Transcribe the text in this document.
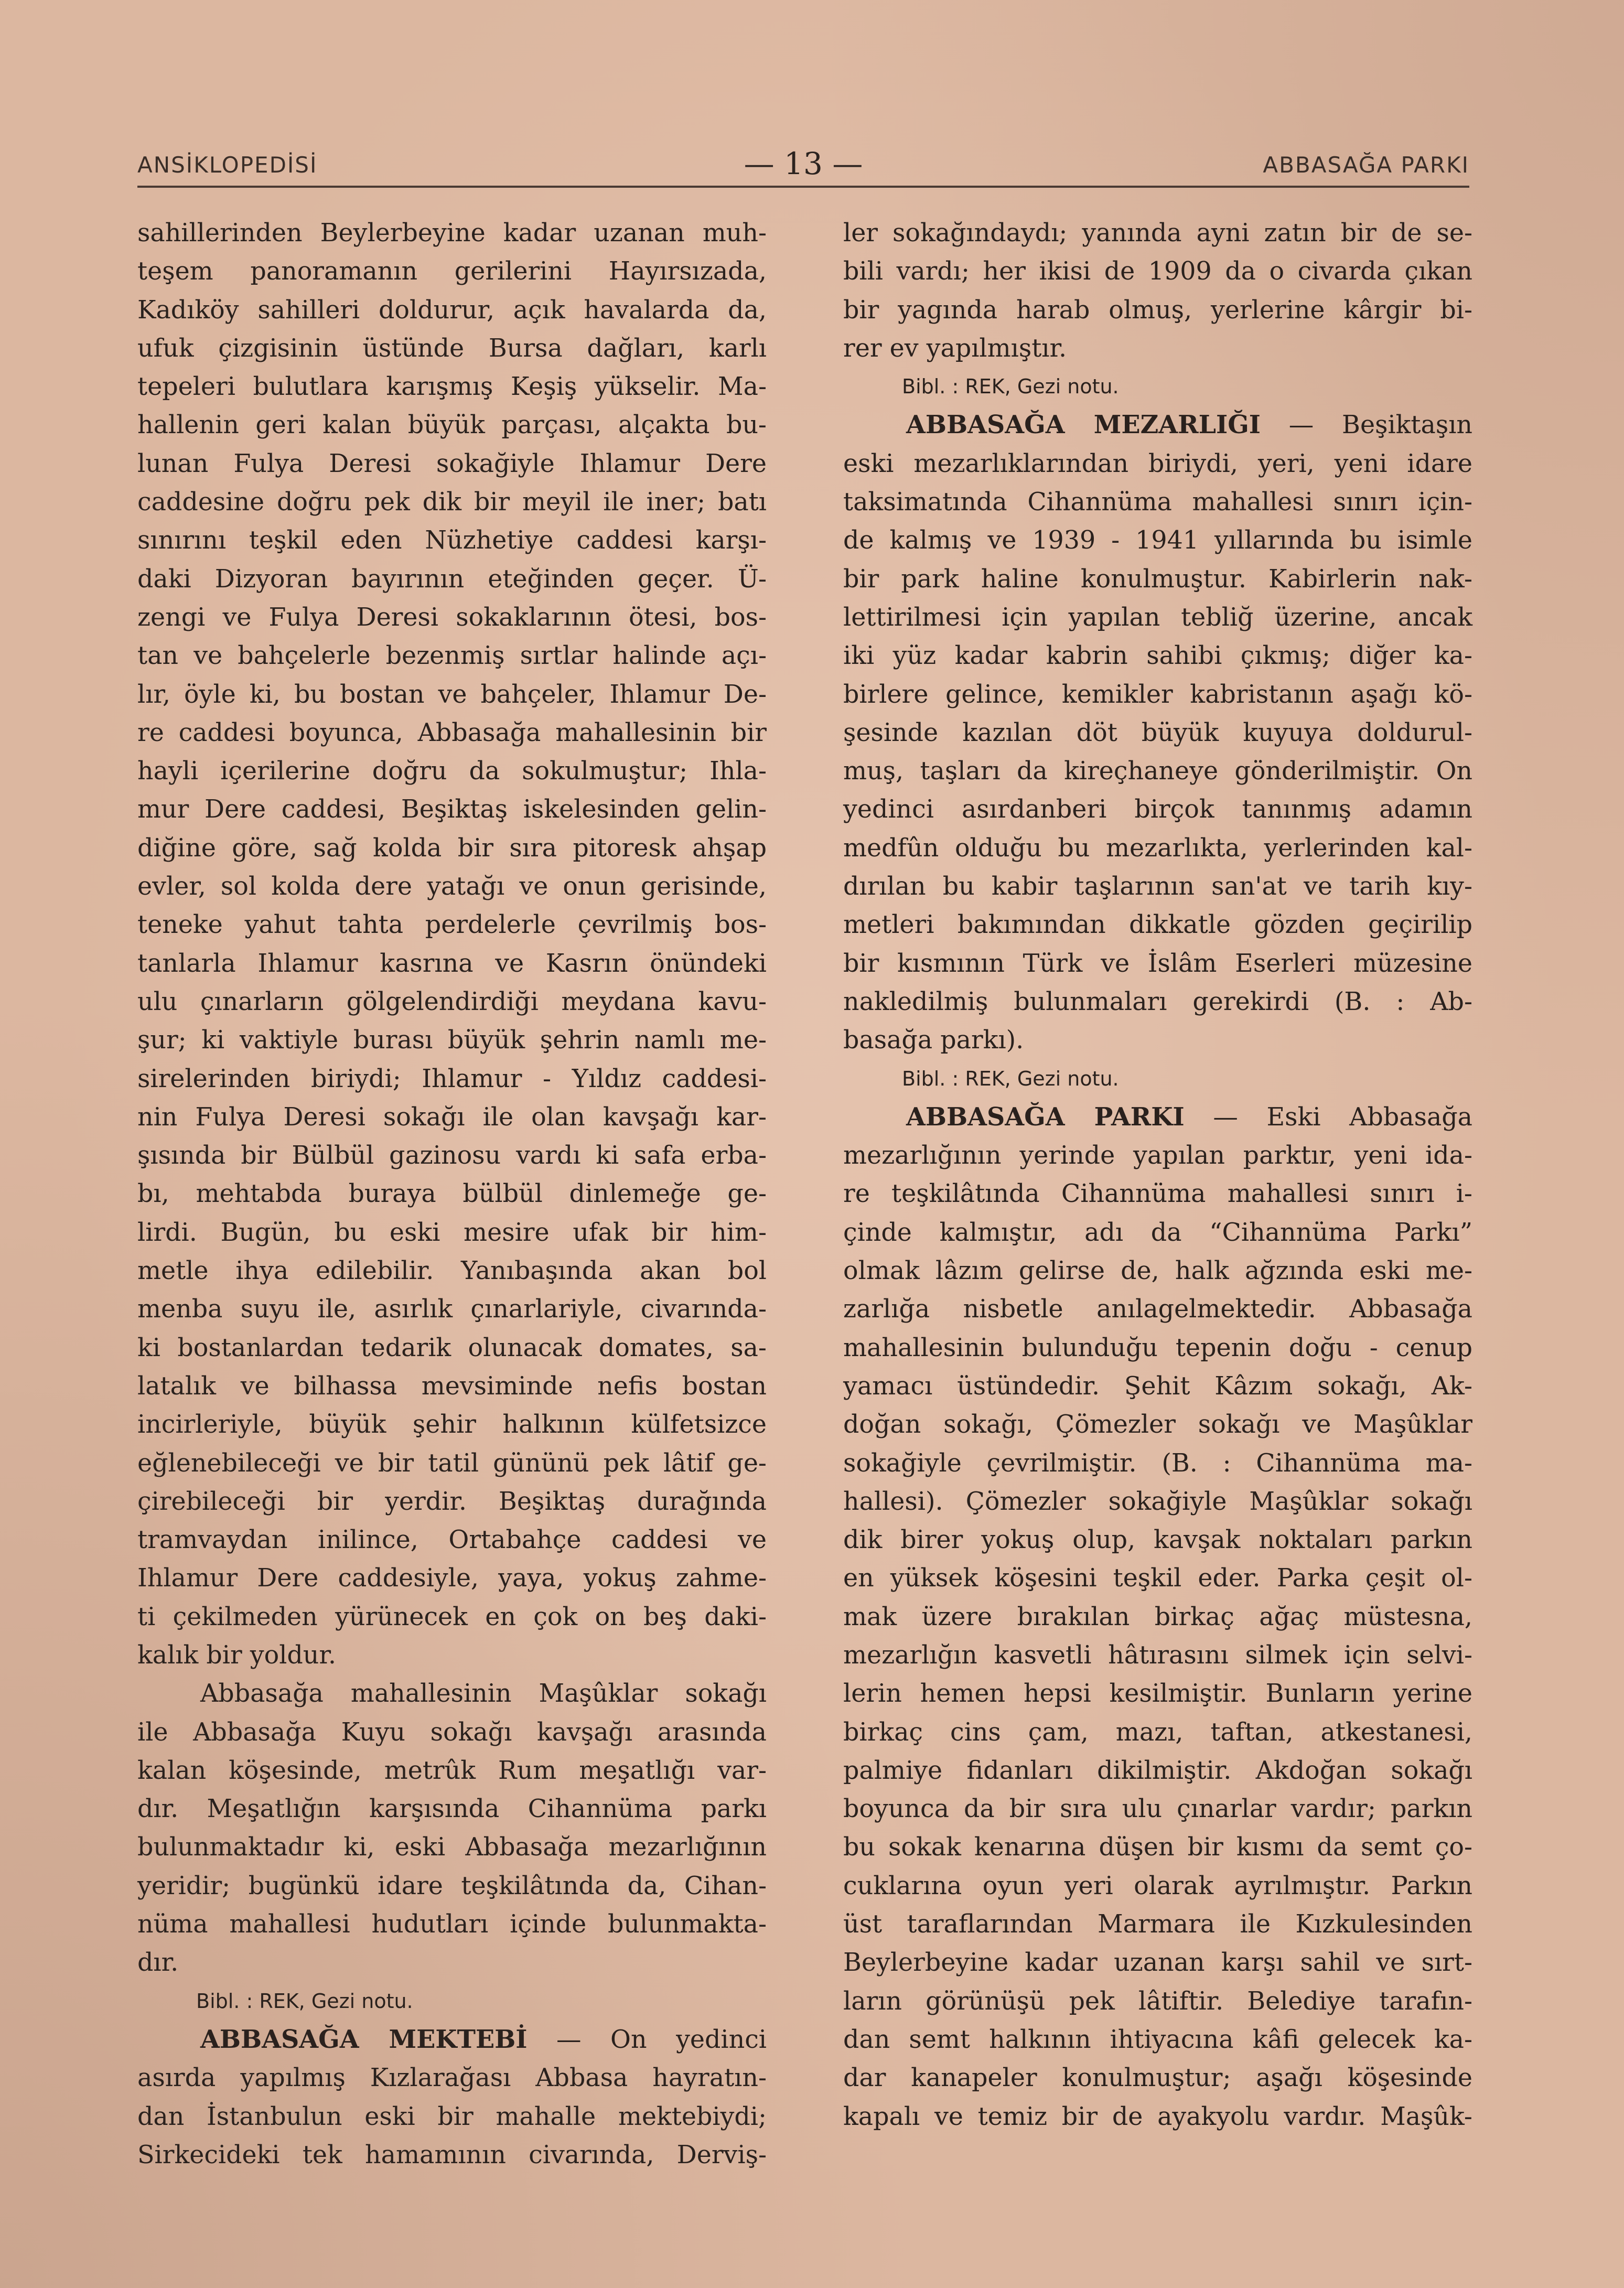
ANSİKLOPEDİSİ	— 13 —	ABBASAĞA PARKI

sahillerinden Beylerbeyine kadar uzanan muh-

teşem panoramanın gerilerini Hayırsızada,

Kadıköy sahilleri doldurur, açık havalarda da,

ufuk çizgisinin üstünde Bursa dağları, karlı

tepeleri bulutlara karışmış Keşiş yükselir. Ma-

hallenin geri kalan büyük parçası, alçakta bu-

lunan Fulya Deresi sokağiyle Ihlamur Dere

caddesine doğru pek dik bir meyil ile iner; batı

sınırını teşkil eden Nüzhetiye caddesi karşı-

daki Dizyoran bayırının eteğinden geçer. Ü-

zengi ve Fulya Deresi sokaklarının ötesi, bos-

tan ve bahçelerle bezenmiş sırtlar halinde açı-

lır, öyle ki, bu bostan ve bahçeler, Ihlamur De-

re caddesi boyunca, Abbasağa mahallesinin bir

hayli içerilerine doğru da sokulmuştur; Ihla-

mur Dere caddesi, Beşiktaş iskelesinden gelin-

diğine göre, sağ kolda bir sıra pitoresk ahşap

evler, sol kolda dere yatağı ve onun gerisinde,

teneke yahut tahta perdelerle çevrilmiş bos-

tanlarla Ihlamur kasrına ve Kasrın önündeki

ulu çınarların gölgelendirdiği meydana kavu-

şur; ki vaktiyle burası büyük şehrin namlı me-

sirelerinden biriydi; Ihlamur - Yıldız caddesi-

nin Fulya Deresi sokağı ile olan kavşağı kar-

şısında bir Bülbül gazinosu vardı ki safa erba-

bı, mehtabda buraya bülbül dinlemeğe ge-

lirdi. Bugün, bu eski mesire ufak bir him-

metle ihya edilebilir. Yanıbaşında akan bol

menba suyu ile, asırlık çınarlariyle, civarında-

ki bostanlardan tedarik olunacak domates, sa-

latalık ve bilhassa mevsiminde nefis bostan

incirleriyle, büyük şehir halkının külfetsizce

eğlenebileceği ve bir tatil gününü pek lâtif ge-

çirebileceği bir yerdir. Beşiktaş durağında

tramvaydan inilince, Ortabahçe caddesi ve

Ihlamur Dere caddesiyle, yaya, yokuş zahme-

ti çekilmeden yürünecek en çok on beş daki-

kalık bir yoldur.

Abbasağa mahallesinin Maşûklar sokağı

ile Abbasağa Kuyu sokağı kavşağı arasında

kalan köşesinde, metrûk Rum meşatlığı var-

dır. Meşatlığın karşısında Cihannüma parkı

bulunmaktadır ki, eski Abbasağa mezarlığının

yeridir; bugünkü idare teşkilâtında da, Cihan-

nüma mahallesi hudutları içinde bulunmakta-

dır.

Bibl. : REK, Gezi notu.

ABBASAĞA MEKTEBİ — On yedinci

asırda yapılmış Kızlarağası Abbasa hayratın-

dan İstanbulun eski bir mahalle mektebiydi;

Sirkecideki tek hamamının civarında, Derviş-

ler sokağındaydı; yanında ayni zatın bir de se-

bili vardı; her ikisi de 1909 da o civarda çıkan

bir yagında harab olmuş, yerlerine kârgir bi-

rer ev yapılmıştır.

Bibl. : REK, Gezi notu.

ABBASAĞA MEZARLIĞI — Beşiktaşın

eski mezarlıklarından biriydi, yeri, yeni idare

taksimatında Cihannüma mahallesi sınırı için-

de kalmış ve 1939 - 1941 yıllarında bu isimle

bir park haline konulmuştur. Kabirlerin nak-

lettirilmesi için yapılan tebliğ üzerine, ancak

iki yüz kadar kabrin sahibi çıkmış; diğer ka-

birlere gelince, kemikler kabristanın aşağı kö-

şesinde kazılan döt büyük kuyuya doldurul-

muş, taşları da kireçhaneye gönderilmiştir. On

yedinci asırdanberi birçok tanınmış adamın

medfûn olduğu bu mezarlıkta, yerlerinden kal-

dırılan bu kabir taşlarının san'at ve tarih kıy-

metleri bakımından dikkatle gözden geçirilip

bir kısmının Türk ve İslâm Eserleri müzesine

nakledilmiş bulunmaları gerekirdi (B. : Ab-

basağa parkı).

Bibl. : REK, Gezi notu.

ABBASAĞA PARKI — Eski Abbasağa

mezarlığının yerinde yapılan parktır, yeni ida-

re teşkilâtında Cihannüma mahallesi sınırı i-

çinde kalmıştır, adı da “Cihannüma Parkı”

olmak lâzım gelirse de, halk ağzında eski me-

zarlığa nisbetle anılagelmektedir. Abbasağa

mahallesinin bulunduğu tepenin doğu - cenup

yamacı üstündedir. Şehit Kâzım sokağı, Ak-

doğan sokağı, Çömezler sokağı ve Maşûklar

sokağiyle çevrilmiştir. (B. : Cihannüma ma-

hallesi). Çömezler sokağiyle Maşûklar sokağı

dik birer yokuş olup, kavşak noktaları parkın

en yüksek köşesini teşkil eder. Parka çeşit ol-

mak üzere bırakılan birkaç ağaç müstesna,

mezarlığın kasvetli hâtırasını silmek için selvi-

lerin hemen hepsi kesilmiştir. Bunların yerine

birkaç cins çam, mazı, taftan, atkestanesi,

palmiye fidanları dikilmiştir. Akdoğan sokağı

boyunca da bir sıra ulu çınarlar vardır; parkın

bu sokak kenarına düşen bir kısmı da semt ço-

cuklarına oyun yeri olarak ayrılmıştır. Parkın

üst taraflarından Marmara ile Kızkulesinden

Beylerbeyine kadar uzanan karşı sahil ve sırt-

ların görünüşü pek lâtiftir. Belediye tarafın-

dan semt halkının ihtiyacına kâfi gelecek ka-

dar kanapeler konulmuştur; aşağı köşesinde

kapalı ve temiz bir de ayakyolu vardır. Maşûk-
